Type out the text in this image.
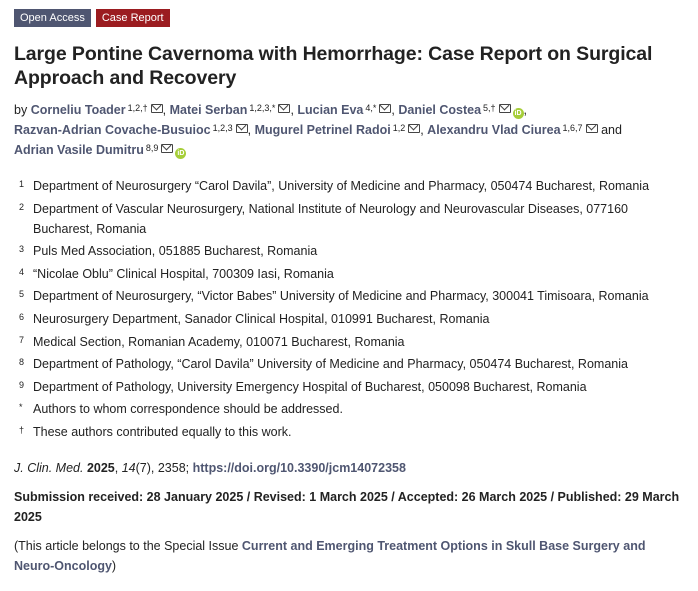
Open Access	Case Report
Large Pontine Cavernoma with Hemorrhage: Case Report on Surgical Approach and Recovery
by Corneliu Toader $^{1,2,\dagger}$ , Matei Serban $^{1,2,3,*}$ , Lucian Eva $^{4,*}$ , Daniel Costea $^{5,\dagger}$iD , Razvan-Adrian Covache-Busuioc $^{1,2,3}$ , Mugurel Petrinel Radoi $^{1,2}$ , Alexandru Vlad Ciurea $^{1,6,7}$ and Adrian Vasile Dumitru $^{8,9}$iD
1 Department of Neurosurgery “Carol Davila”, University of Medicine and Pharmacy, 050474 Bucharest, Romania
2 Department of Vascular Neurosurgery, National Institute of Neurology and Neurovascular Diseases, 077160 Bucharest, Romania
3 Puls Med Association, 051885 Bucharest, Romania
4 “Nicolae Oblu” Clinical Hospital, 700309 Iasi, Romania
5 Department of Neurosurgery, “Victor Babes” University of Medicine and Pharmacy, 300041 Timisoara, Romania
6 Neurosurgery Department, Sanador Clinical Hospital, 010991 Bucharest, Romania
7 Medical Section, Romanian Academy, 010071 Bucharest, Romania
8 Department of Pathology, “Carol Davila” University of Medicine and Pharmacy, 050474 Bucharest, Romania
9 Department of Pathology, University Emergency Hospital of Bucharest, 050098 Bucharest, Romania
* Authors to whom correspondence should be addressed.
† These authors contributed equally to this work.
J. Clin. Med. 2025, 14(7), 2358; https://doi.org/10.3390/jcm14072358
Submission received: 28 January 2025 / Revised: 1 March 2025 / Accepted: 26 March 2025 / Published: 29 March 2025
(This article belongs to the Special Issue Current and Emerging Treatment Options in Skull Base Surgery and Neuro-Oncology)
